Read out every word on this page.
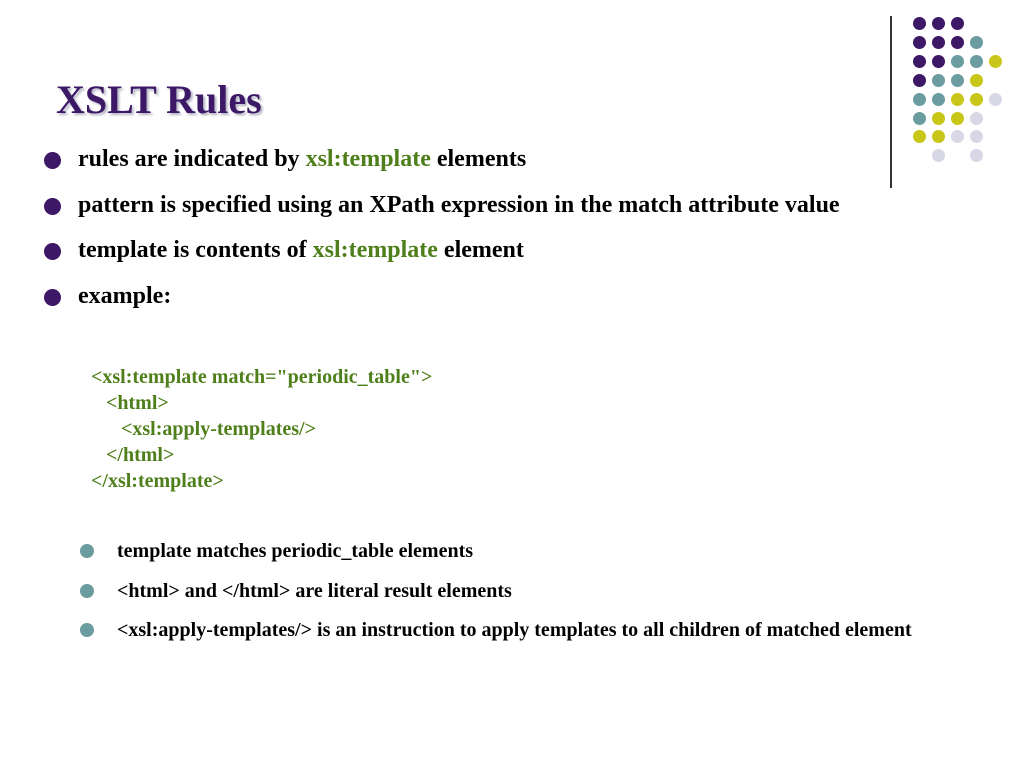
XSLT Rules
rules are indicated by xsl:template elements
pattern is specified using an XPath expression in the match attribute value
template is contents of xsl:template element
example:
<xsl:template match="periodic_table">
<html>
<xsl:apply-templates/>
</html>
</xsl:template>
template matches periodic_table elements
<html> and </html> are literal result elements
<xsl:apply-templates/> is an instruction to apply templates to all children of matched element
